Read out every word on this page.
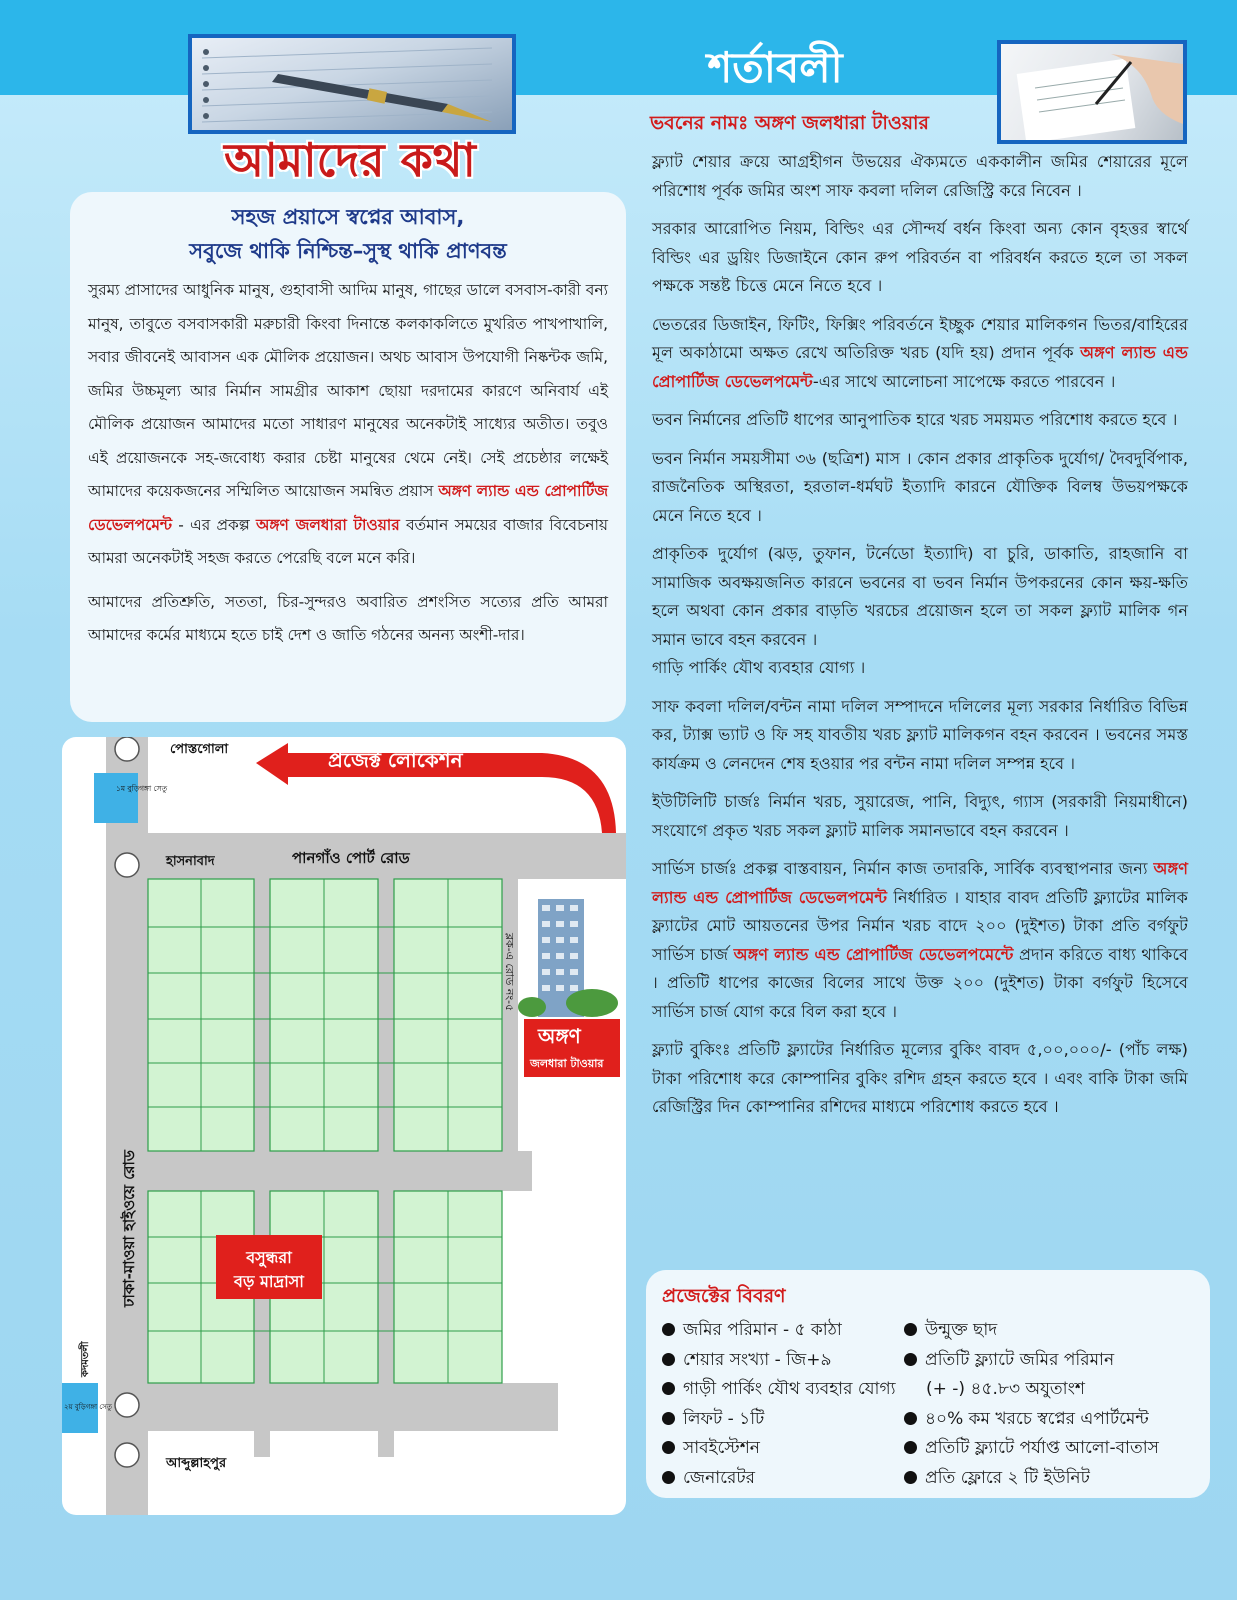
আমাদের কথা
শর্তাবলী
ভবনের নামঃ অঙ্গণ জলধারা টাওয়ার
সহজ প্রয়াসে স্বপ্নের আবাস,
সবুজে থাকি নিশ্চিন্ত–সুস্থ থাকি প্রাণবন্ত

সুরম্য প্রাসাদের আধুনিক মানুষ, গুহাবাসী আদিম মানুষ, গাছের ডালে বসবাস-কারী বন্য মানুষ, তাবুতে বসবাসকারী মরুচারী কিংবা দিনান্তে কলকাকলিতে মুখরিত পাখপাখালি, সবার জীবনেই আবাসন এক মৌলিক প্রয়োজন। অথচ আবাস উপযোগী নিষ্কন্টক জমি, জমির উচ্চমূল্য আর নির্মান সামগ্রীর আকাশ ছোয়া দরদামের কারণে অনিবার্য এই মৌলিক প্রয়োজন আমাদের মতো সাধারণ মানুষের অনেকটাই সাধ্যের অতীত। তবুও এই প্রয়োজনকে সহ-জবোধ্য করার চেষ্টা মানুষের থেমে নেই। সেই প্রচেষ্ঠার লক্ষেই আমাদের কয়েকজনের সম্মিলিত আয়োজন সমন্বিত প্রয়াস অঙ্গণ ল্যান্ড এন্ড প্রোপার্টিজ ডেভেলপমেন্ট - এর প্রকল্প অঙ্গণ জলধারা টাওয়ার বর্তমান সময়ের বাজার বিবেচনায় আমরা অনেকটাই সহজ করতে পেরেছি বলে মনে করি।

আমাদের প্রতিশ্রুতি, সততা, চির-সুন্দরও অবারিত প্রশংসিত সত্যের প্রতি আমরা আমাদের কর্মের মাধ্যমে হতে চাই দেশ ও জাতি গঠনের অনন্য অংশী-দার।

প্রজেক্ট লোকেশন
পোস্তগোলা
১ম বুড়িগঙ্গা সেতু
হাসনাবাদ	পানগাঁও পোর্ট রোড
ঢাকা-মাওয়া হাইওয়ে রোড
ব্লক-এ রোড নং-৫
অঙ্গণ
জলধারা টাওয়ার
বসুন্ধরা
বড় মাদ্রাসা
কদমতলী
২য় বুড়িগঙ্গা সেতু
আব্দুল্লাহপুর

ফ্ল্যাট শেয়ার ক্রয়ে আগ্রহীগন উভয়ের ঐক্যমতে এককালীন জমির শেয়ারের মূলে পরিশোধ পূর্বক জমির অংশ সাফ কবলা দলিল রেজিস্ট্রি করে নিবেন ।

সরকার আরোপিত নিয়ম, বিল্ডিং এর সৌন্দর্য বর্ধন কিংবা অন্য কোন বৃহত্তর স্বার্থে বিল্ডিং এর ড্রয়িং ডিজাইনে কোন রুপ পরিবর্তন বা পরিবর্ধন করতে হলে তা সকল পক্ষকে সন্তষ্ট চিত্তে মেনে নিতে হবে ।

ভেতরের ডিজাইন, ফিটিং, ফিক্সিং পরিবর্তনে ইচ্ছুক শেয়ার মালিকগন ভিতর/বাহিরের মূল অকাঠামো অক্ষত রেখে অতিরিক্ত খরচ (যদি হয়) প্রদান পূর্বক অঙ্গণ ল্যান্ড এন্ড প্রোপার্টিজ ডেভেলপমেন্ট-এর সাথে আলোচনা সাপেক্ষে করতে পারবেন ।

ভবন নির্মানের প্রতিটি ধাপের আনুপাতিক হারে খরচ সময়মত পরিশোধ করতে হবে ।

ভবন নির্মান সময়সীমা ৩৬ (ছত্রিশ) মাস । কোন প্রকার প্রাকৃতিক দুর্যোগ/ দৈবদুর্বিপাক, রাজনৈতিক অস্থিরতা, হরতাল-ধর্মঘট ইত্যাদি কারনে যৌক্তিক বিলম্ব উভয়পক্ষকে মেনে নিতে হবে ।

প্রাকৃতিক দুর্যোগ (ঝড়, তুফান, টর্নেডো ইত্যাদি) বা চুরি, ডাকাতি, রাহজানি বা সামাজিক অবক্ষয়জনিত কারনে ভবনের বা ভবন নির্মান উপকরনের কোন ক্ষয়-ক্ষতি হলে অথবা কোন প্রকার বাড়তি খরচের প্রয়োজন হলে তা সকল ফ্ল্যাট মালিক গন সমান ভাবে বহন করবেন ।

গাড়ি পার্কিং যৌথ ব্যবহার যোগ্য ।

সাফ কবলা দলিল/বন্টন নামা দলিল সম্পাদনে দলিলের মূল্য সরকার নির্ধারিত বিভিন্ন কর, ট্যাক্স ভ্যাট ও ফি সহ যাবতীয় খরচ ফ্ল্যাট মালিকগন বহন করবেন । ভবনের সমস্ত কার্যক্রম ও লেনদেন শেষ হওয়ার পর বন্টন নামা দলিল সম্পন্ন হবে ।

ইউটিলিটি চার্জঃ নির্মান খরচ, সুয়ারেজ, পানি, বিদ্যুৎ, গ্যাস (সরকারী নিয়মাধীনে) সংযোগে প্রকৃত খরচ সকল ফ্ল্যাট মালিক সমানভাবে বহন করবেন ।

সার্ভিস চার্জঃ প্রকল্প বাস্তবায়ন, নির্মান কাজ তদারকি, সার্বিক ব্যবস্থাপনার জন্য অঙ্গণ ল্যান্ড এন্ড প্রোপার্টিজ ডেভেলপমেন্ট নির্ধারিত । যাহার বাবদ প্রতিটি ফ্ল্যাটের মালিক ফ্ল্যাটের মোট আয়তনের উপর নির্মান খরচ বাদে ২০০ (দুইশত) টাকা প্রতি বর্গফুট সার্ভিস চার্জ অঙ্গণ ল্যান্ড এন্ড প্রোপার্টিজ ডেভেলপমেন্টে প্রদান করিতে বাধ্য থাকিবে । প্রতিটি ধাপের কাজের বিলের সাথে উক্ত ২০০ (দুইশত) টাকা বর্গফুট হিসেবে সার্ভিস চার্জ যোগ করে বিল করা হবে ।

ফ্ল্যাট বুকিংঃ প্রতিটি ফ্ল্যাটের নির্ধারিত মূল্যের বুকিং বাবদ ৫,০০,০০০/- (পাঁচ লক্ষ) টাকা পরিশোধ করে কোম্পানির বুকিং রশিদ গ্রহন করতে হবে । এবং বাকি টাকা জমি রেজিস্ট্রির দিন কোম্পানির রশিদের মাধ্যমে পরিশোধ করতে হবে ।

প্রজেক্টের বিবরণ
জমির পরিমান - ৫ কাঠা
শেয়ার সংখ্যা - জি+৯
গাড়ী পার্কিং যৌথ ব্যবহার যোগ্য
লিফট - ১টি
সাবইস্টেশন
জেনারেটর
উন্মুক্ত ছাদ
প্রতিটি ফ্ল্যাটে জমির পরিমান
(+ -) ৪৫.৮৩ অযুতাংশ
৪০% কম খরচে স্বপ্নের এপার্টমেন্ট
প্রতিটি ফ্ল্যাটে পর্যাপ্ত আলো-বাতাস
প্রতি ফ্লোরে ২ টি ইউনিট
